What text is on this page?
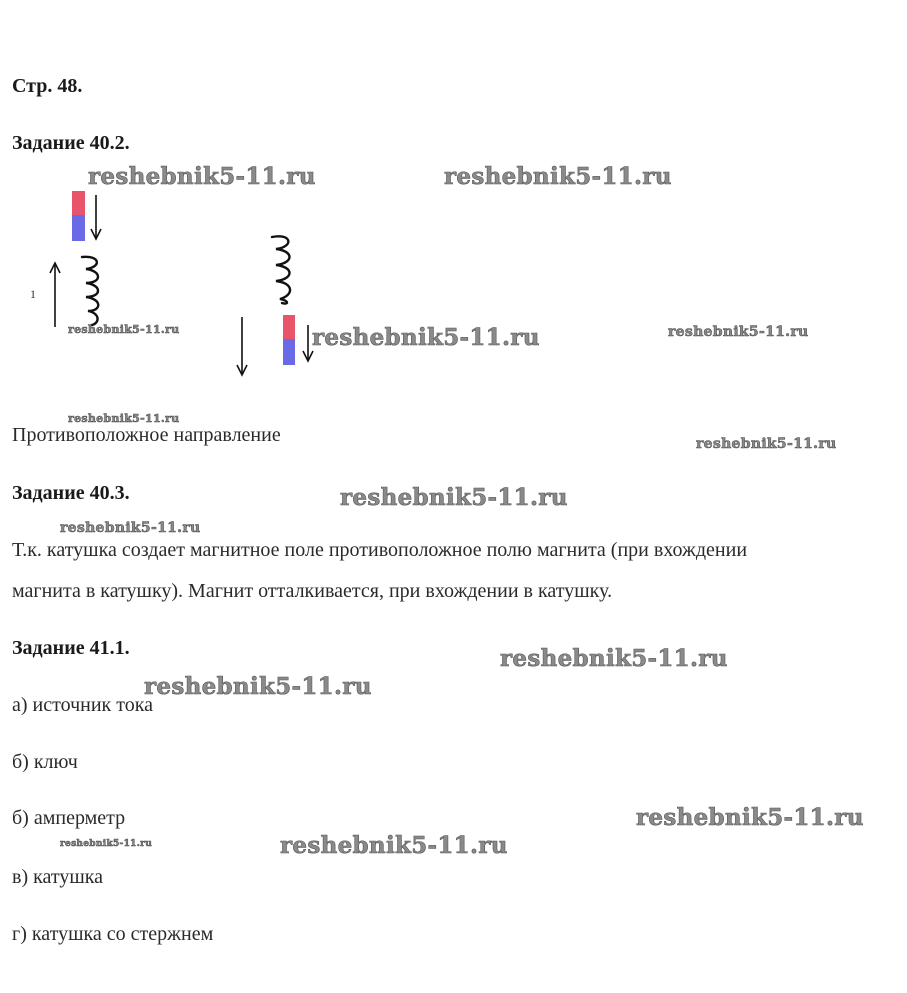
Стр. 48.
Задание 40.2.
1
Противоположное направление
Задание 40.3.
Т.к. катушка создает магнитное поле противоположное полю магнита (при вхождении
магнита в катушку). Магнит отталкивается, при вхождении в катушку.
Задание 41.1.
а) источник тока
б) ключ
б) амперметр
в) катушка
г) катушка со стержнем
reshebnik5-11.ru	reshebnik5-11.ru
reshebnik5-11.ru	reshebnik5-11.ru	reshebnik5-11.ru
reshebnik5-11.ru
reshebnik5-11.ru
reshebnik5-11.ru
reshebnik5-11.ru
reshebnik5-11.ru
reshebnik5-11.ru
reshebnik5-11.ru
reshebnik5-11.ru	reshebnik5-11.ru
